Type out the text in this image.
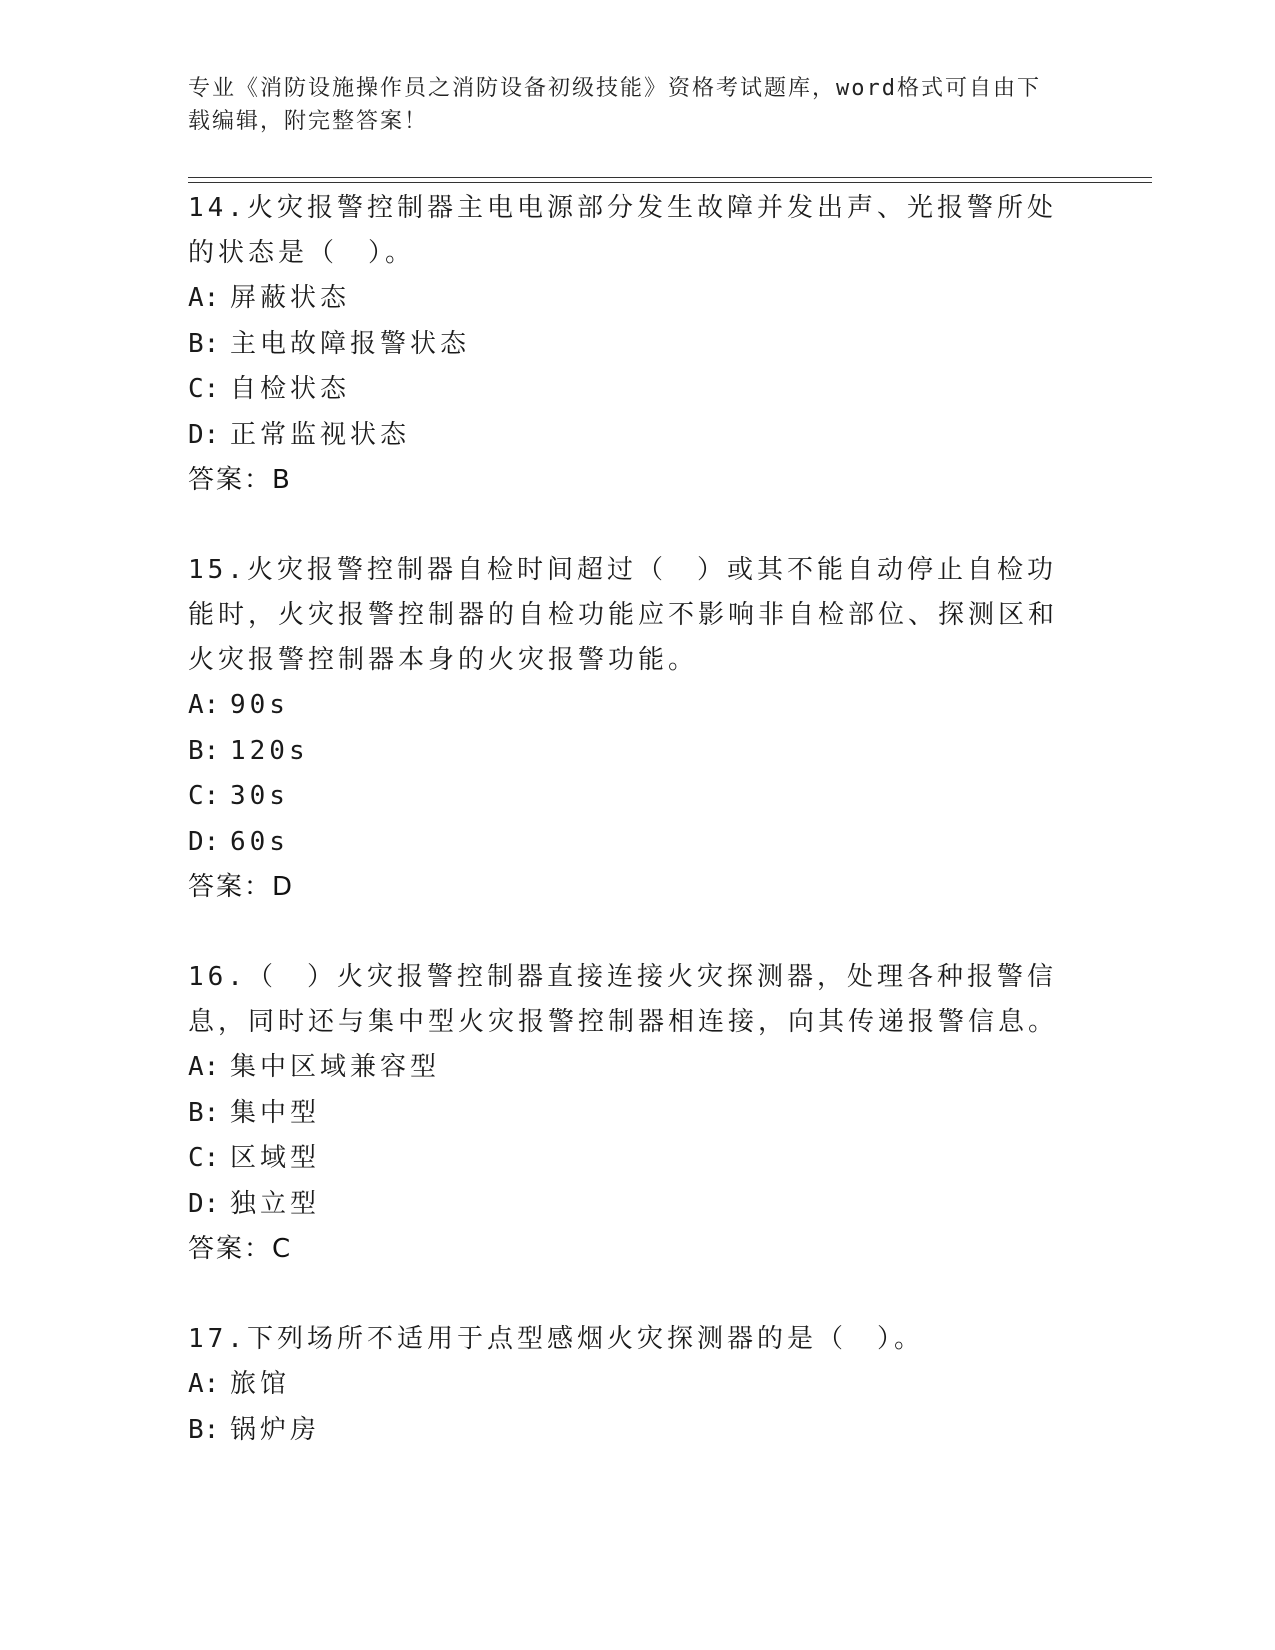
专业《消防设施操作员之消防设备初级技能》资格考试题库，word格式可自由下
载编辑，附完整答案！

14.火灾报警控制器主电电源部分发生故障并发出声、光报警所处的状态是（　）。

A: 屏蔽状态

B: 主电故障报警状态

C: 自检状态

D: 正常监视状态

答案：B

15.火灾报警控制器自检时间超过（　）或其不能自动停止自检功能时，火灾报警控制器的自检功能应不影响非自检部位、探测区和火灾报警控制器本身的火灾报警功能。

A: 90s

B: 120s

C: 30s

D: 60s

答案：D

16.（　）火灾报警控制器直接连接火灾探测器，处理各种报警信息，同时还与集中型火灾报警控制器相连接，向其传递报警信息。

A: 集中区域兼容型

B: 集中型

C: 区域型

D: 独立型

答案：C

17.下列场所不适用于点型感烟火灾探测器的是（　）。

A: 旅馆

B: 锅炉房
